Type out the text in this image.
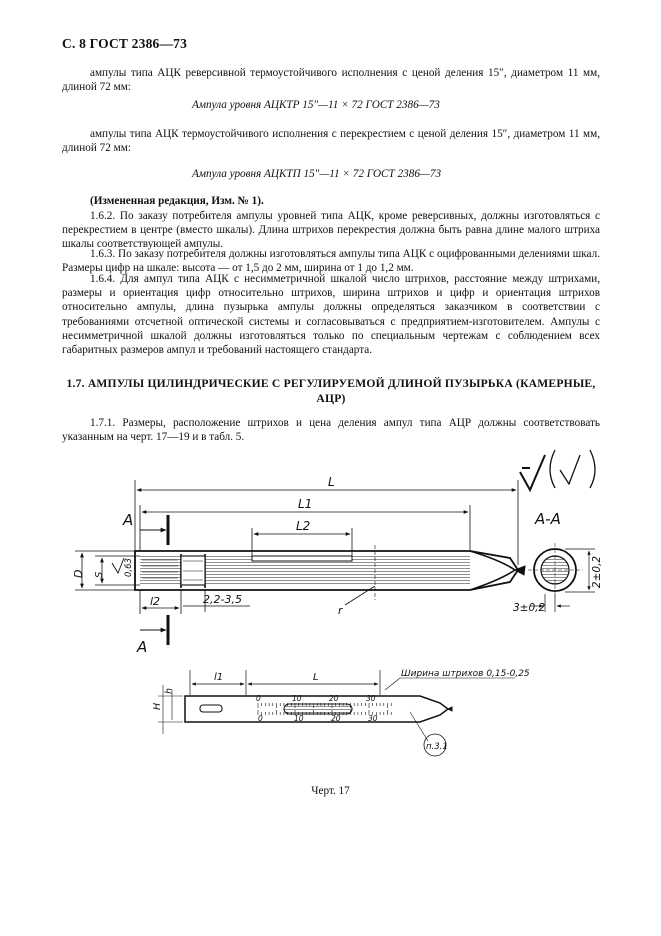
С. 8 ГОСТ 2386—73

ампулы типа АЦК реверсивной термоустойчивого исполнения с ценой деления 15″, диаметром 11 мм, длиной 72 мм:

Ампула уровня АЦКТР 15″—11 × 72 ГОСТ 2386—73

ампулы типа АЦК термоустойчивого исполнения с перекрестием с ценой деления 15″, диаметром 11 мм, длиной 72 мм:

Ампула уровня АЦКТП 15″—11 × 72 ГОСТ 2386—73

(Измененная редакция, Изм. № 1).

1.6.2. По заказу потребителя ампулы уровней типа АЦК, кроме реверсивных, должны изготовляться с перекрестием в центре (вместо шкалы). Длина штрихов перекрестия должна быть равна длине малого штриха шкалы соответствующей ампулы.

1.6.3. По заказу потребителя должны изготовляться ампулы типа АЦК с оцифрованными делениями шкал. Размеры цифр на шкале: высота — от 1,5 до 2 мм, ширина от 1 до 1,2 мм.

1.6.4. Для ампул типа АЦК с несимметричной шкалой число штрихов, расстояние между штрихами, размеры и ориентация цифр относительно штрихов, ширина штрихов и цифр и ориентация штрихов относительно ампулы, длина пузырька ампулы должны определяться заказчиком в соответствии с требованиями отсчетной оптической системы и согласовываться с предприятием-изготовителем. Ампулы с несимметричной шкалой должны изготовляться только по специальным чертежам с соблюдением всех габаритных размеров ампул и требований настоящего стандарта.

1.7. АМПУЛЫ ЦИЛИНДРИЧЕСКИЕ С РЕГУЛИРУЕМОЙ ДЛИНОЙ ПУЗЫРЬКА (КАМЕРНЫЕ, АЦР)

1.7.1. Размеры, расположение штрихов и цена деления ампул типа АЦР должны соответствовать указанным на черт. 17—19 и в табл. 5.

A
A
L
L1
L2
D S 0,63
l2	2,2-3,5
r
A-A
2±0,2
3±0,2
l1	L
H
h
Ширина штрихов 0,15-0,25
п.3.1
0	10	20	30
0	10	20	30
Черт. 17
